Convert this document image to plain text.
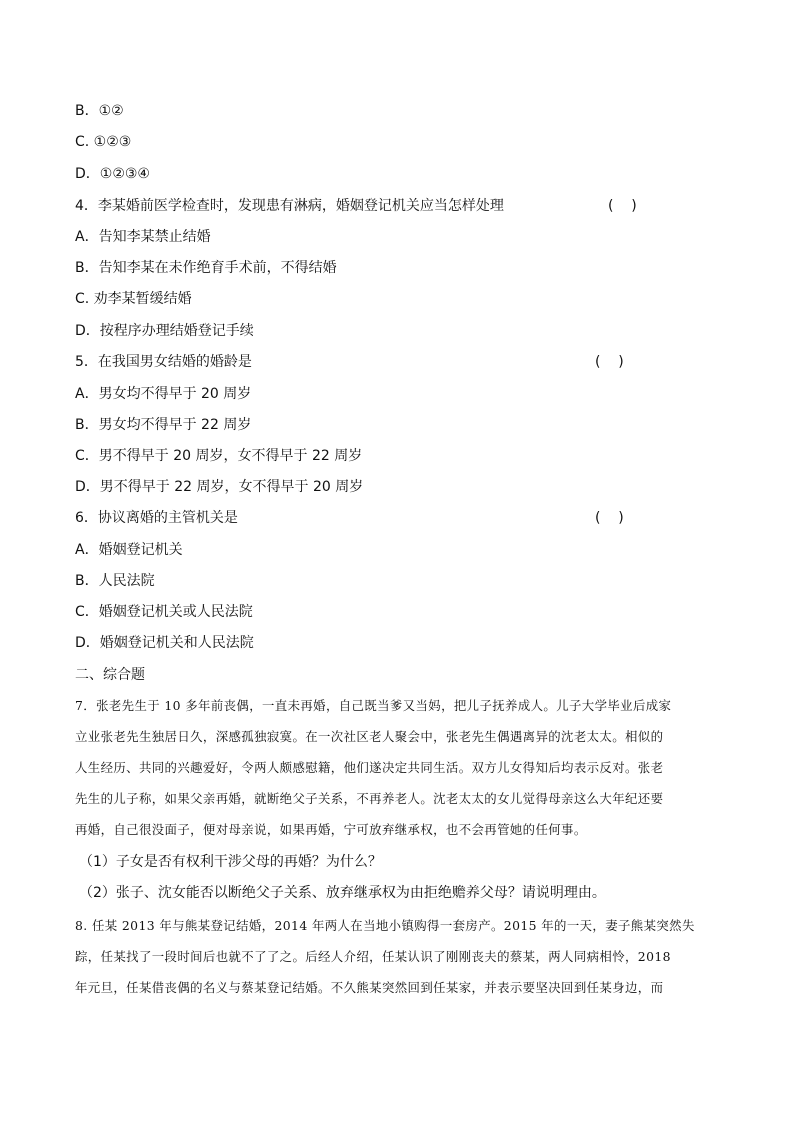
B．①②
C. ①②③
D．①②③④
4．李某婚前医学检查时，发现患有淋病，婚姻登记机关应当怎样处理	(    )
A．告知李某禁止结婚
B．告知李某在未作绝育手术前，不得结婚
C. 劝李某暂缓结婚
D．按程序办理结婚登记手续
5．在我国男女结婚的婚龄是	(    )
A．男女均不得早于 20 周岁
B．男女均不得早于 22 周岁
C．男不得早于 20 周岁，女不得早于 22 周岁
D．男不得早于 22 周岁，女不得早于 20 周岁
6．协议离婚的主管机关是	(    )
A．婚姻登记机关
B．人民法院
C．婚姻登记机关或人民法院
D．婚姻登记机关和人民法院
二、综合题
7．张老先生于 10 多年前丧偶，一直未再婚，自己既当爹又当妈，把儿子抚养成人。儿子大学毕业后成家
立业张老先生独居日久，深感孤独寂寞。在一次社区老人聚会中，张老先生偶遇离异的沈老太太。相似的
人生经历、共同的兴趣爱好，令两人颇感慰籍，他们遂决定共同生活。双方儿女得知后均表示反对。张老
先生的儿子称，如果父亲再婚，就断绝父子关系，不再养老人。沈老太太的女儿觉得母亲这么大年纪还要
再婚，自己很没面子，便对母亲说，如果再婚，宁可放弃继承权，也不会再管她的任何事。
（1）子女是否有权利干涉父母的再婚？为什么？
（2）张子、沈女能否以断绝父子关系、放弃继承权为由拒绝赡养父母？请说明理由。
8. 任某 2013 年与熊某登记结婚，2014 年两人在当地小镇购得一套房产。2015 年的一天，妻子熊某突然失
踪，任某找了一段时间后也就不了了之。后经人介绍，任某认识了刚刚丧夫的蔡某，两人同病相怜，2018
年元旦，任某借丧偶的名义与蔡某登记结婚。不久熊某突然回到任某家，并表示要坚决回到任某身边，而
